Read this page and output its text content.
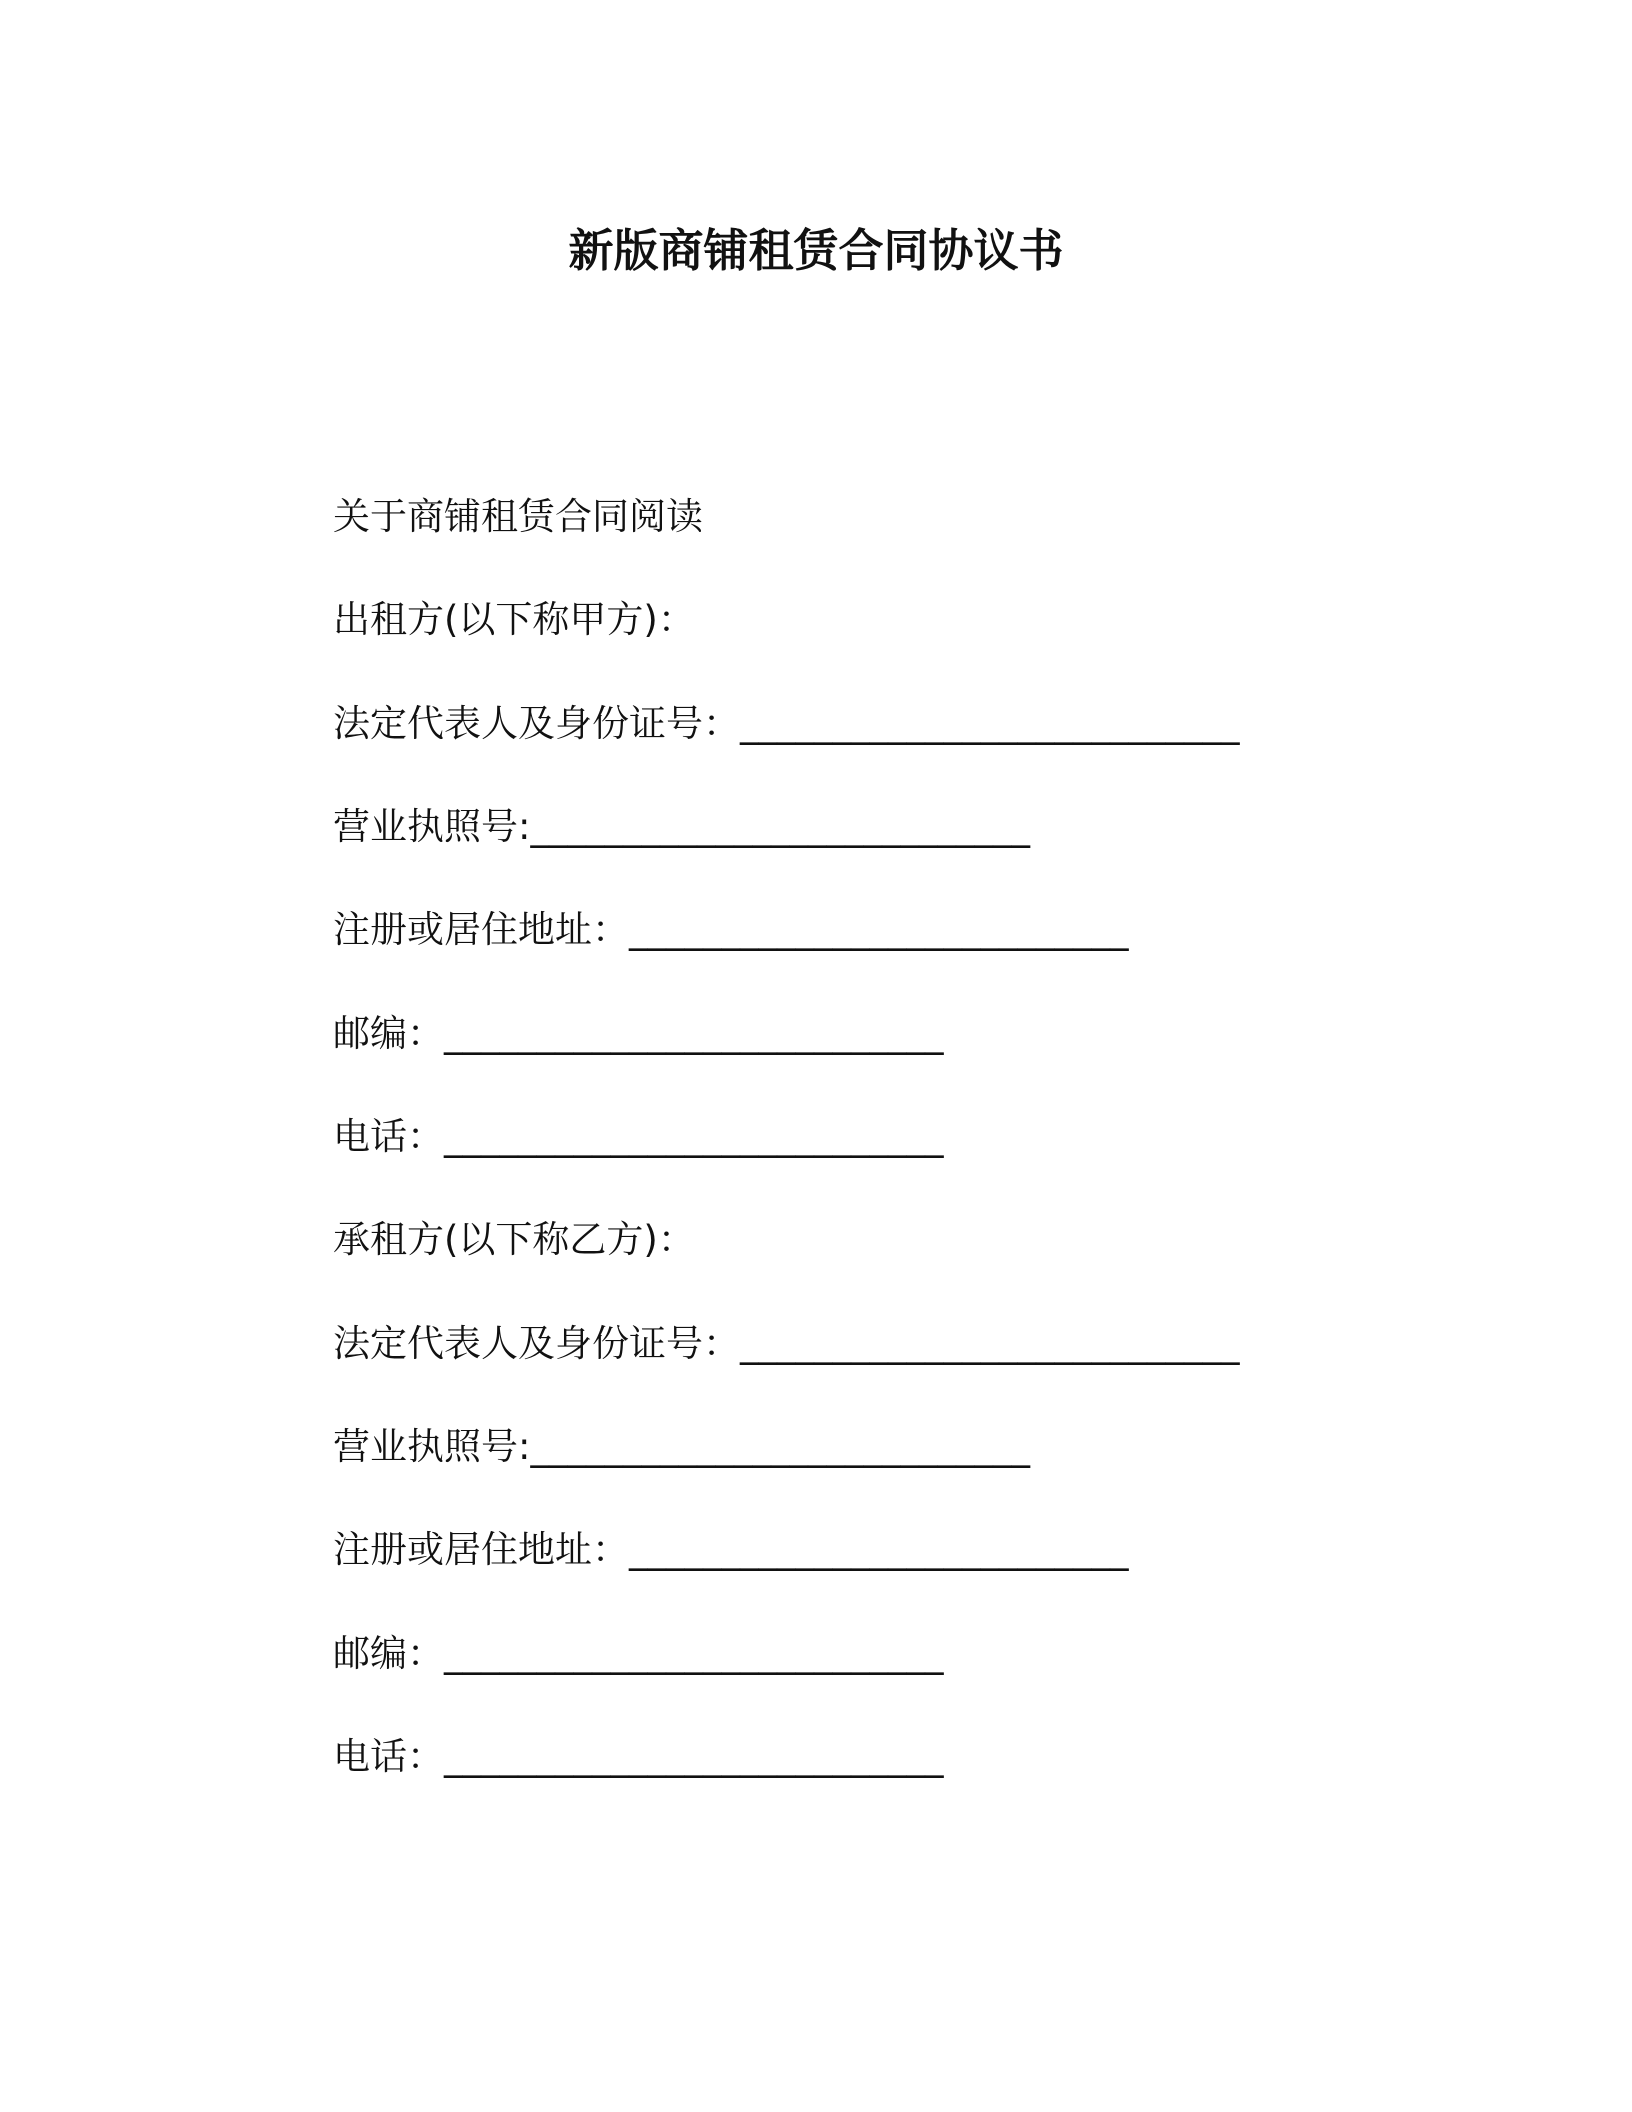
新版商铺租赁合同协议书
关于商铺租赁合同阅读
出租方(以下称甲方)：
法定代表人及身份证号：___________________________
营业执照号:___________________________
注册或居住地址：___________________________
邮编：___________________________
电话：___________________________
承租方(以下称乙方)：
法定代表人及身份证号：___________________________
营业执照号:___________________________
注册或居住地址：___________________________
邮编：___________________________
电话：___________________________
